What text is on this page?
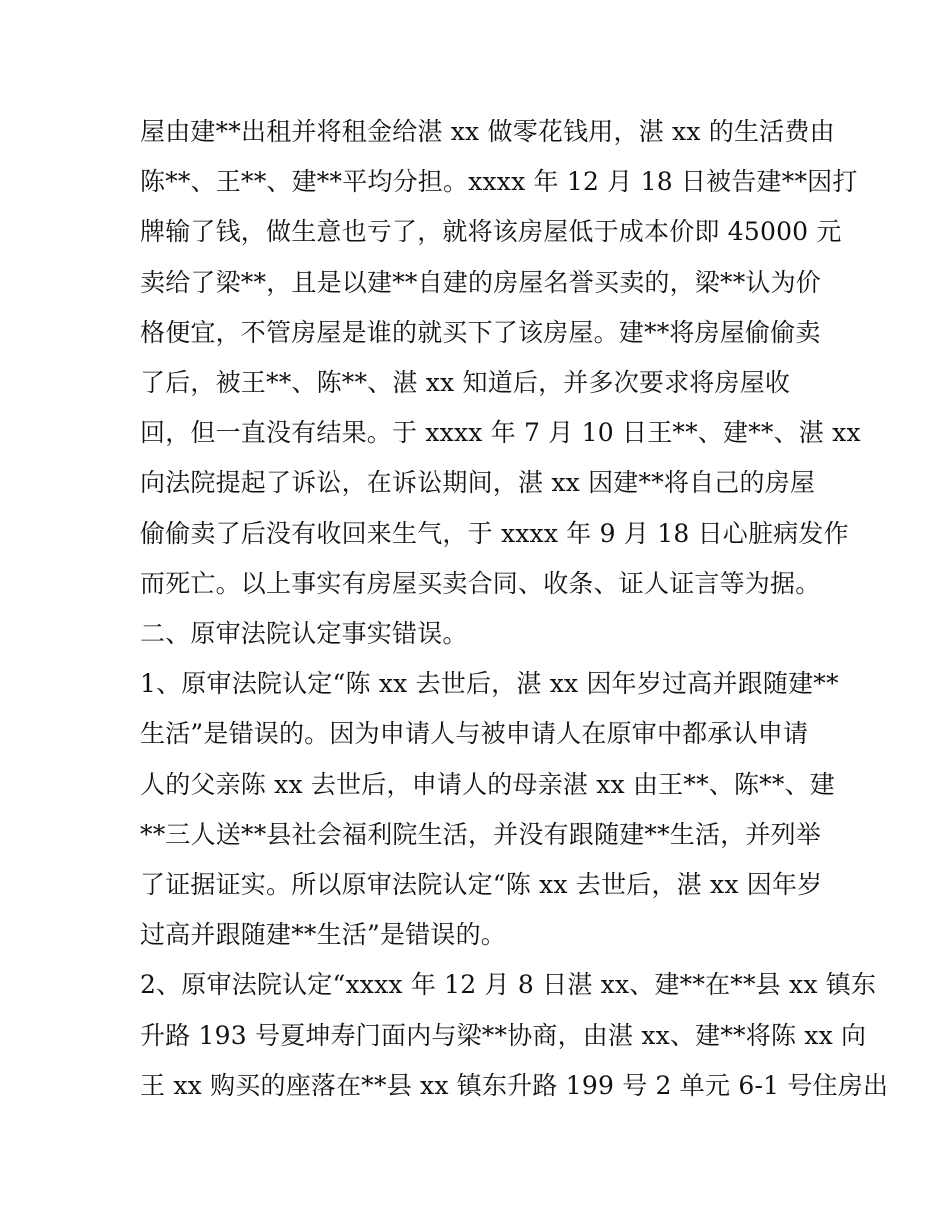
屋由建**出租并将租金给湛 xx 做零花钱用，湛 xx 的生活费由
陈**、王**、建**平均分担。xxxx 年 12 月 18 日被告建**因打
牌输了钱，做生意也亏了，就将该房屋低于成本价即 45000 元
卖给了梁**，且是以建**自建的房屋名誉买卖的，梁**认为价
格便宜，不管房屋是谁的就买下了该房屋。建**将房屋偷偷卖
了后，被王**、陈**、湛 xx 知道后，并多次要求将房屋收
回，但一直没有结果。于 xxxx 年 7 月 10 日王**、建**、湛 xx
向法院提起了诉讼，在诉讼期间，湛 xx 因建**将自己的房屋
偷偷卖了后没有收回来生气，于 xxxx 年 9 月 18 日心脏病发作
而死亡。以上事实有房屋买卖合同、收条、证人证言等为据。
二、原审法院认定事实错误。
1、原审法院认定“陈 xx 去世后，湛 xx 因年岁过高并跟随建**
生活”是错误的。因为申请人与被申请人在原审中都承认申请
人的父亲陈 xx 去世后，申请人的母亲湛 xx 由王**、陈**、建
**三人送**县社会福利院生活，并没有跟随建**生活，并列举
了证据证实。所以原审法院认定“陈 xx 去世后，湛 xx 因年岁
过高并跟随建**生活”是错误的。
2、原审法院认定“xxxx 年 12 月 8 日湛 xx、建**在**县 xx 镇东
升路 193 号夏坤寿门面内与梁**协商，由湛 xx、建**将陈 xx 向
王 xx 购买的座落在**县 xx 镇东升路 199 号 2 单元 6-1 号住房出
